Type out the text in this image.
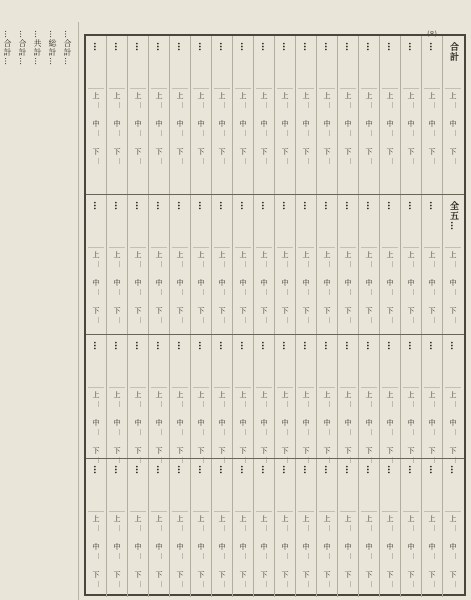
…合計…
…総計…
…共計…
…合計…
…合計…	(8)
合計
上
…
中
…
下
…
…
上
…
中
…
下
…
…
上
…
中
…
下
…
…
上
…
中
…
下
…
…
上
…
中
…
下
…
…
上
…
中
…
下
…
…
上
…
中
…
下
…
…
上
…
中
…
下
…
…
上
…
中
…
下
…
…
上
…
中
…
下
…
…
上
…
中
…
下
…
…
上
…
中
…
下
…
…
上
…
中
…
下
…
…
上
…
中
…
下
…
…
上
…
中
…
下
…
…
上
…
中
…
下
…
…
上
…
中
…
下
…
…
上
…
中
…
下
…
全五…
上
…
中
…
下
…
…
上
…
中
…
下
…
…
上
…
中
…
下
…
…
上
…
中
…
下
…
…
上
…
中
…
下
…
…
上
…
中
…
下
…
…
上
…
中
…
下
…
…
上
…
中
…
下
…
…
上
…
中
…
下
…
…
上
…
中
…
下
…
…
上
…
中
…
下
…
…
上
…
中
…
下
…
…
上
…
中
…
下
…
…
上
…
中
…
下
…
…
上
…
中
…
下
…
…
上
…
中
…
下
…
…
上
…
中
…
下
…
…
上
…
中
…
下
…
…
上
…
中
…
下
…
…
上
…
中
…
下
…
…
上
…
中
…
下
…
…
上
…
中
…
下
…
…
上
…
中
…
下
…
…
上
…
中
…
下
…
…
上
…
中
…
下
…
…
上
…
中
…
下
…
…
上
…
中
…
下
…
…
上
…
中
…
下
…
…
上
…
中
…
下
…
…
上
…
中
…
下
…
…
上
…
中
…
下
…
…
上
…
中
…
下
…
…
上
…
中
…
下
…
…
上
…
中
…
下
…
…
上
…
中
…
下
…
…
上
…
中
…
下
…
…
上
…
中
…
下
…
…
上
…
中
…
下
…
…
上
…
中
…
下
…
…
上
…
中
…
下
…
…
上
…
中
…
下
…
…
上
…
中
…
下
…
…
上
…
中
…
下
…
…
上
…
中
…
下
…
…
上
…
中
…
下
…
…
上
…
中
…
下
…
…
上
…
中
…
下
…
…
上
…
中
…
下
…
…
上
…
中
…
下
…
…
上
…
中
…
下
…
…
上
…
中
…
下
…
…
上
…
中
…
下
…
…
上
…
中
…
下
…
…
上
…
中
…
下
…
